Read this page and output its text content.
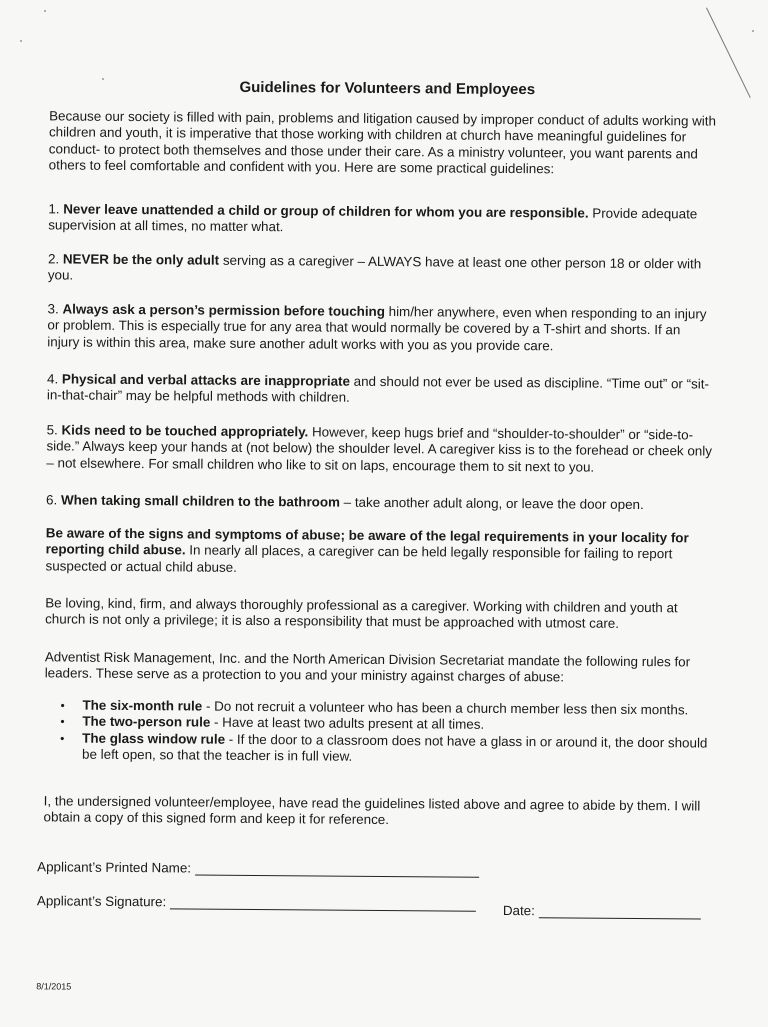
Guidelines for Volunteers and Employees
Because our society is filled with pain, problems and litigation caused by improper conduct of adults working with children and youth, it is imperative that those working with children at church have meaningful guidelines for conduct- to protect both themselves and those under their care. As a ministry volunteer, you want parents and others to feel comfortable and confident with you. Here are some practical guidelines:
1. Never leave unattended a child or group of children for whom you are responsible. Provide adequate supervision at all times, no matter what.
2. NEVER be the only adult serving as a caregiver – ALWAYS have at least one other person 18 or older with you.
3. Always ask a person’s permission before touching him/her anywhere, even when responding to an injury or problem. This is especially true for any area that would normally be covered by a T-shirt and shorts. If an injury is within this area, make sure another adult works with you as you provide care.
4. Physical and verbal attacks are inappropriate and should not ever be used as discipline. “Time out” or “sit-in-that-chair” may be helpful methods with children.
5. Kids need to be touched appropriately. However, keep hugs brief and “shoulder-to-shoulder” or “side-to-side.” Always keep your hands at (not below) the shoulder level. A caregiver kiss is to the forehead or cheek only – not elsewhere. For small children who like to sit on laps, encourage them to sit next to you.
6. When taking small children to the bathroom – take another adult along, or leave the door open.
Be aware of the signs and symptoms of abuse; be aware of the legal requirements in your locality for reporting child abuse. In nearly all places, a caregiver can be held legally responsible for failing to report suspected or actual child abuse.
Be loving, kind, firm, and always thoroughly professional as a caregiver. Working with children and youth at church is not only a privilege; it is also a responsibility that must be approached with utmost care.
Adventist Risk Management, Inc. and the North American Division Secretariat mandate the following rules for leaders. These serve as a protection to you and your ministry against charges of abuse:
• The six-month rule - Do not recruit a volunteer who has been a church member less then six months.
• The two-person rule - Have at least two adults present at all times.
• The glass window rule - If the door to a classroom does not have a glass in or around it, the door should be left open, so that the teacher is in full view.
I, the undersigned volunteer/employee, have read the guidelines listed above and agree to abide by them. I will obtain a copy of this signed form and keep it for reference.
Applicant’s Printed Name:
Applicant’s Signature:
Date:
8/1/2015
